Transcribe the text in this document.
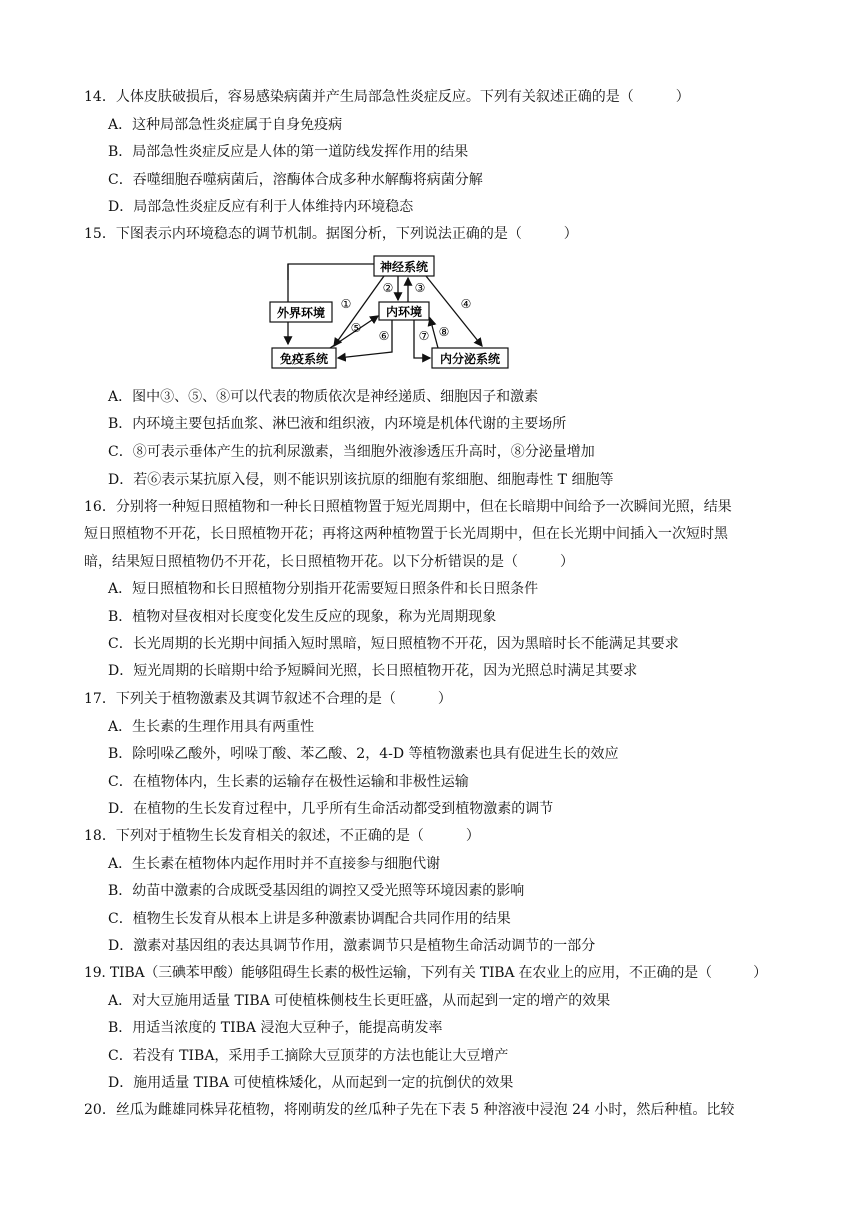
14．人体皮肤破损后，容易感染病菌并产生局部急性炎症反应。下列有关叙述正确的是（　　　）
A．这种局部急性炎症属于自身免疫病
B．局部急性炎症反应是人体的第一道防线发挥作用的结果
C．吞噬细胞吞噬病菌后，溶酶体合成多种水解酶将病菌分解
D．局部急性炎症反应有利于人体维持内环境稳态
15．下图表示内环境稳态的调节机制。据图分析，下列说法正确的是（　　　）
外界环境
神经系统
内环境
免疫系统	内分泌系统
①
② ③
④
⑤
⑥ ⑦ ⑧
A．图中③、⑤、⑧可以代表的物质依次是神经递质、细胞因子和激素
B．内环境主要包括血浆、淋巴液和组织液，内环境是机体代谢的主要场所
C．⑧可表示垂体产生的抗利尿激素，当细胞外液渗透压升高时，⑧分泌量增加
D．若⑥表示某抗原入侵，则不能识别该抗原的细胞有浆细胞、细胞毒性 T 细胞等
16．分别将一种短日照植物和一种长日照植物置于短光周期中，但在长暗期中间给予一次瞬间光照，结果
短日照植物不开花，长日照植物开花；再将这两种植物置于长光周期中，但在长光期中间插入一次短时黑
暗，结果短日照植物仍不开花，长日照植物开花。以下分析错误的是（　　　）
A．短日照植物和长日照植物分别指开花需要短日照条件和长日照条件
B．植物对昼夜相对长度变化发生反应的现象，称为光周期现象
C．长光周期的长光期中间插入短时黑暗，短日照植物不开花，因为黑暗时长不能满足其要求
D．短光周期的长暗期中给予短瞬间光照，长日照植物开花，因为光照总时满足其要求
17．下列关于植物激素及其调节叙述不合理的是（　　　）
A．生长素的生理作用具有两重性
B．除吲哚乙酸外，吲哚丁酸、苯乙酸、2，4-D 等植物激素也具有促进生长的效应
C．在植物体内，生长素的运输存在极性运输和非极性运输
D．在植物的生长发育过程中，几乎所有生命活动都受到植物激素的调节
18．下列对于植物生长发育相关的叙述，不正确的是（　　　）
A．生长素在植物体内起作用时并不直接参与细胞代谢
B．幼苗中激素的合成既受基因组的调控又受光照等环境因素的影响
C．植物生长发育从根本上讲是多种激素协调配合共同作用的结果
D．激素对基因组的表达具调节作用，激素调节只是植物生命活动调节的一部分
19. TIBA（三碘苯甲酸）能够阻碍生长素的极性运输，下列有关 TIBA 在农业上的应用，不正确的是（　　　）
A．对大豆施用适量 TIBA 可使植株侧枝生长更旺盛，从而起到一定的增产的效果
B．用适当浓度的 TIBA 浸泡大豆种子，能提高萌发率
C．若没有 TIBA，采用手工摘除大豆顶芽的方法也能让大豆增产
D．施用适量 TIBA 可使植株矮化，从而起到一定的抗倒伏的效果
20．丝瓜为雌雄同株异花植物，将刚萌发的丝瓜种子先在下表 5 种溶液中浸泡 24 小时，然后种植。比较
